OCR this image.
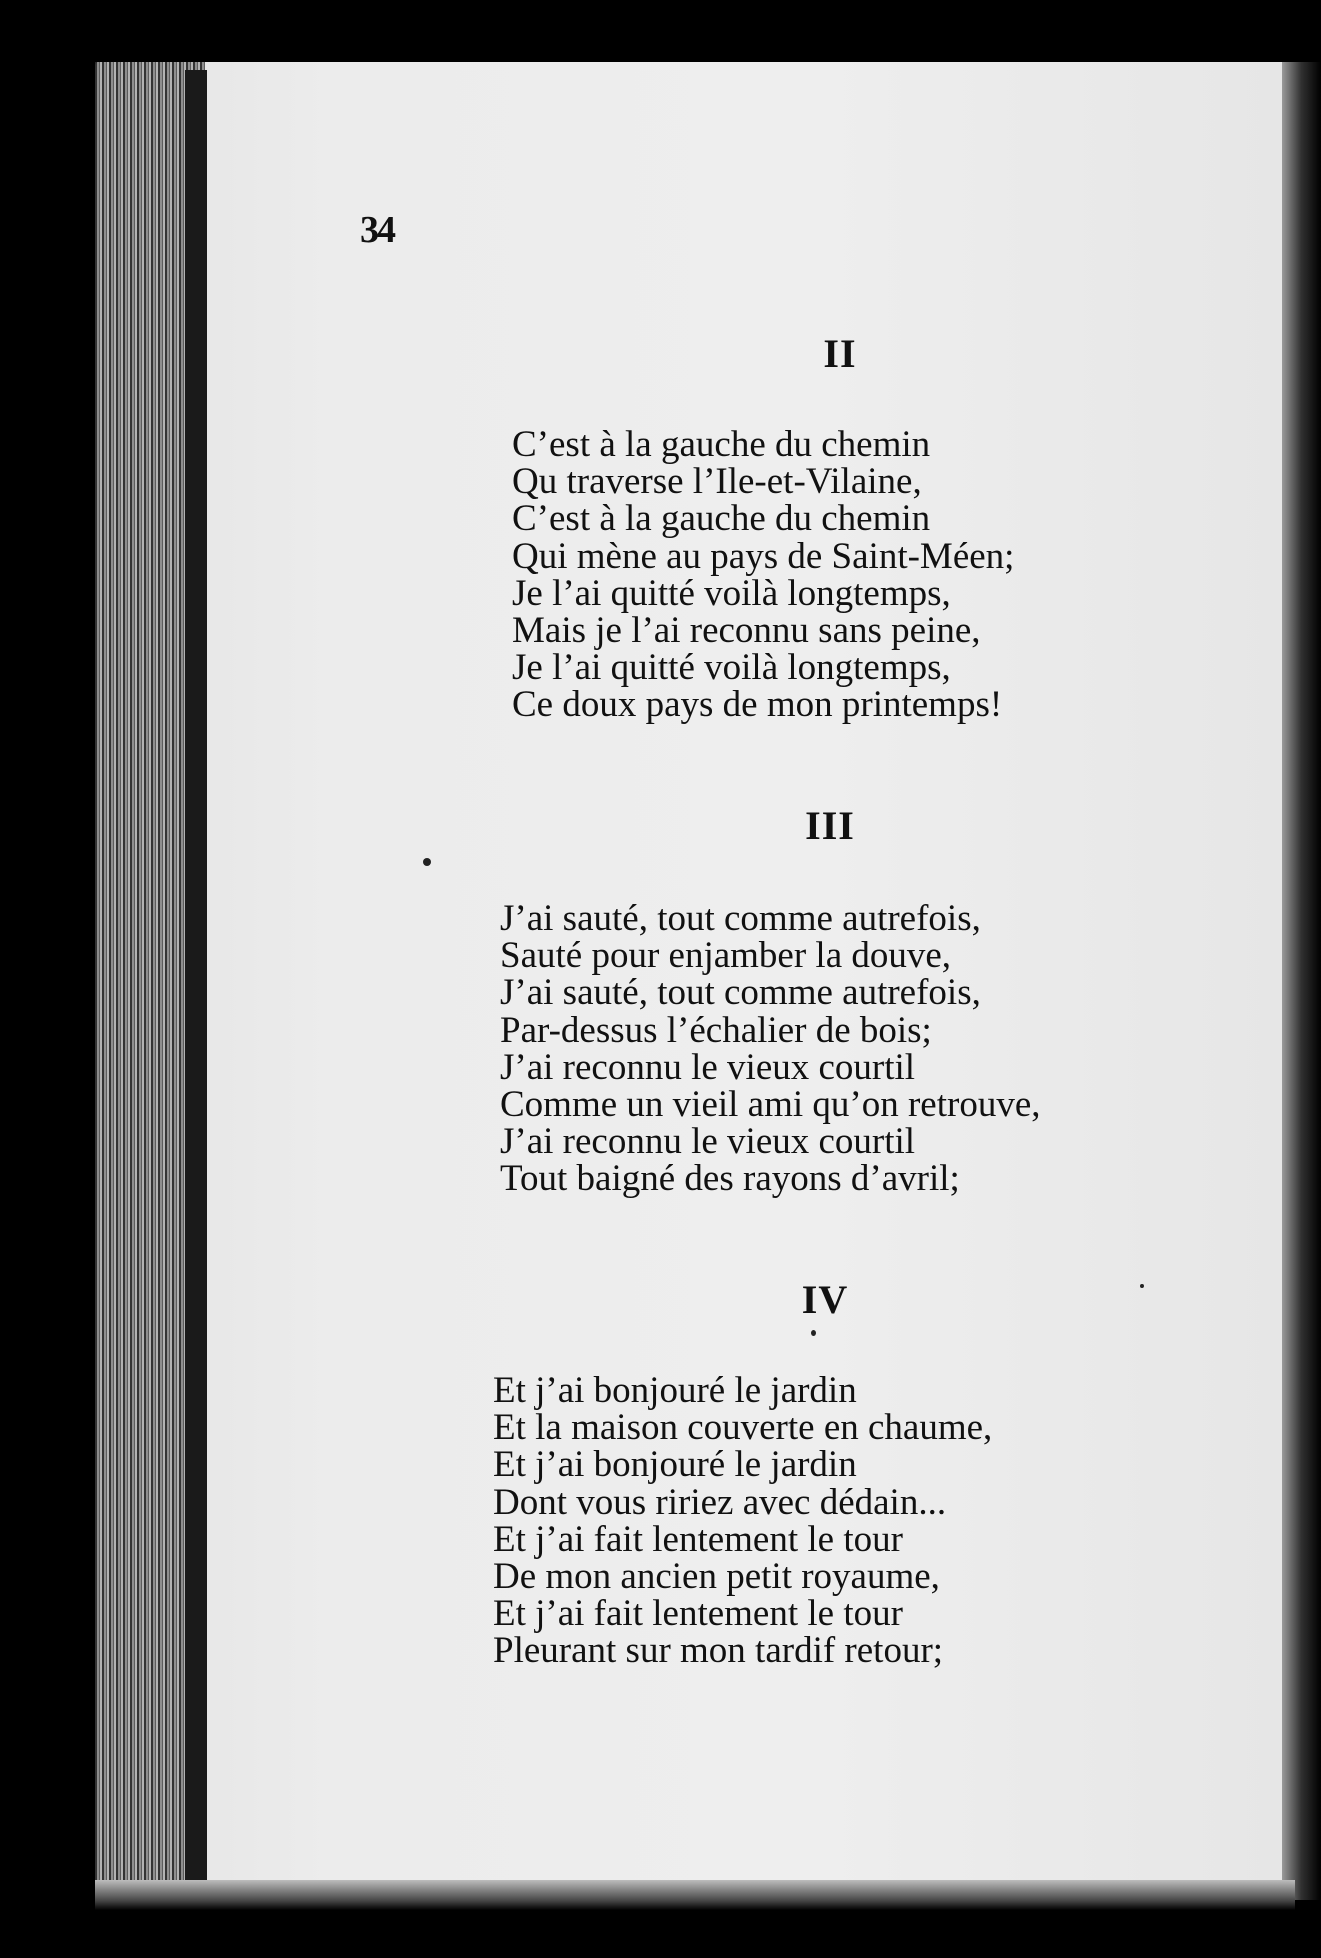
34
II
C’est à la gauche du chemin
Qu traverse l’Ile-et-Vilaine,
C’est à la gauche du chemin
Qui mène au pays de Saint-Méen;
Je l’ai quitté voilà longtemps,
Mais je l’ai reconnu sans peine,
Je l’ai quitté voilà longtemps,
Ce doux pays de mon printemps!
III
J’ai sauté, tout comme autrefois,
Sauté pour enjamber la douve,
J’ai sauté, tout comme autrefois,
Par-dessus l’échalier de bois;
J’ai reconnu le vieux courtil
Comme un vieil ami qu’on retrouve,
J’ai reconnu le vieux courtil
Tout baigné des rayons d’avril;
IV
Et j’ai bonjouré le jardin
Et la maison couverte en chaume,
Et j’ai bonjouré le jardin
Dont vous ririez avec dédain...
Et j’ai fait lentement le tour
De mon ancien petit royaume,
Et j’ai fait lentement le tour
Pleurant sur mon tardif retour;
